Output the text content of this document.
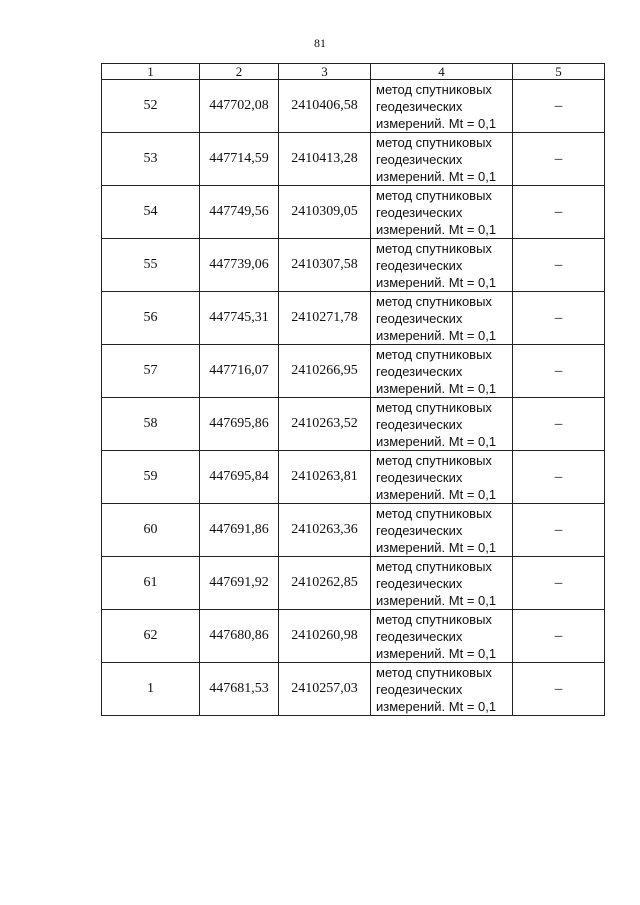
81
1	2	3	4	5
52	447702,08	2410406,58	метод спутниковых
геодезических
измерений. Mt = 0,1	–
53	447714,59	2410413,28	метод спутниковых
геодезических
измерений. Mt = 0,1	–
54	447749,56	2410309,05	метод спутниковых
геодезических
измерений. Mt = 0,1	–
55	447739,06	2410307,58	метод спутниковых
геодезических
измерений. Mt = 0,1	–
56	447745,31	2410271,78	метод спутниковых
геодезических
измерений. Mt = 0,1	–
57	447716,07	2410266,95	метод спутниковых
геодезических
измерений. Mt = 0,1	–
58	447695,86	2410263,52	метод спутниковых
геодезических
измерений. Mt = 0,1	–
59	447695,84	2410263,81	метод спутниковых
геодезических
измерений. Mt = 0,1	–
60	447691,86	2410263,36	метод спутниковых
геодезических
измерений. Mt = 0,1	–
61	447691,92	2410262,85	метод спутниковых
геодезических
измерений. Mt = 0,1	–
62	447680,86	2410260,98	метод спутниковых
геодезических
измерений. Mt = 0,1	–
1	447681,53	2410257,03	метод спутниковых
геодезических
измерений. Mt = 0,1	–
